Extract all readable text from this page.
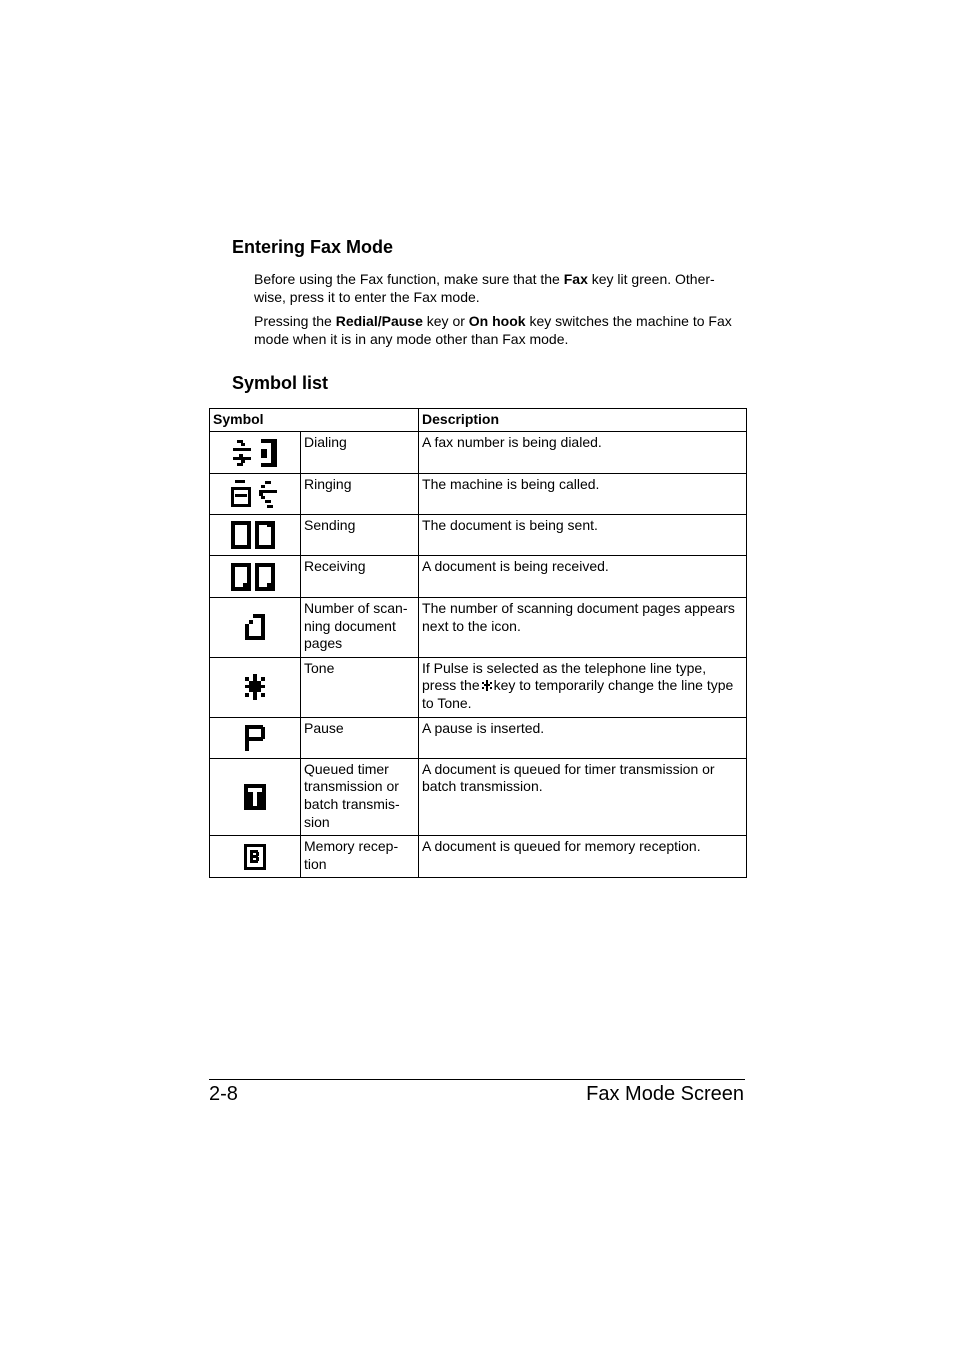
Entering Fax Mode

Before using the Fax function, make sure that the Fax key lit green. Other-
wise, press it to enter the Fax mode.

Pressing the Redial/Pause key or On hook key switches the machine to Fax
mode when it is in any mode other than Fax mode.

Symbol list
Symbol		Description
	Dialing	A fax number is being dialed.
	Ringing	The machine is being called.
	Sending	The document is being sent.
	Receiving	A document is being received.
	Number of scan-ning document pages	The number of scanning document pages appears next to the icon.
	Tone	If Pulse is selected as the telephone line type, press the key to temporarily change the line type to Tone.
	Pause	A pause is inserted.
	Queued timer transmission or batch transmis-sion	A document is queued for timer transmission or batch transmission.
	Memory recep-tion	A document is queued for memory reception.
2-8	Fax Mode Screen
